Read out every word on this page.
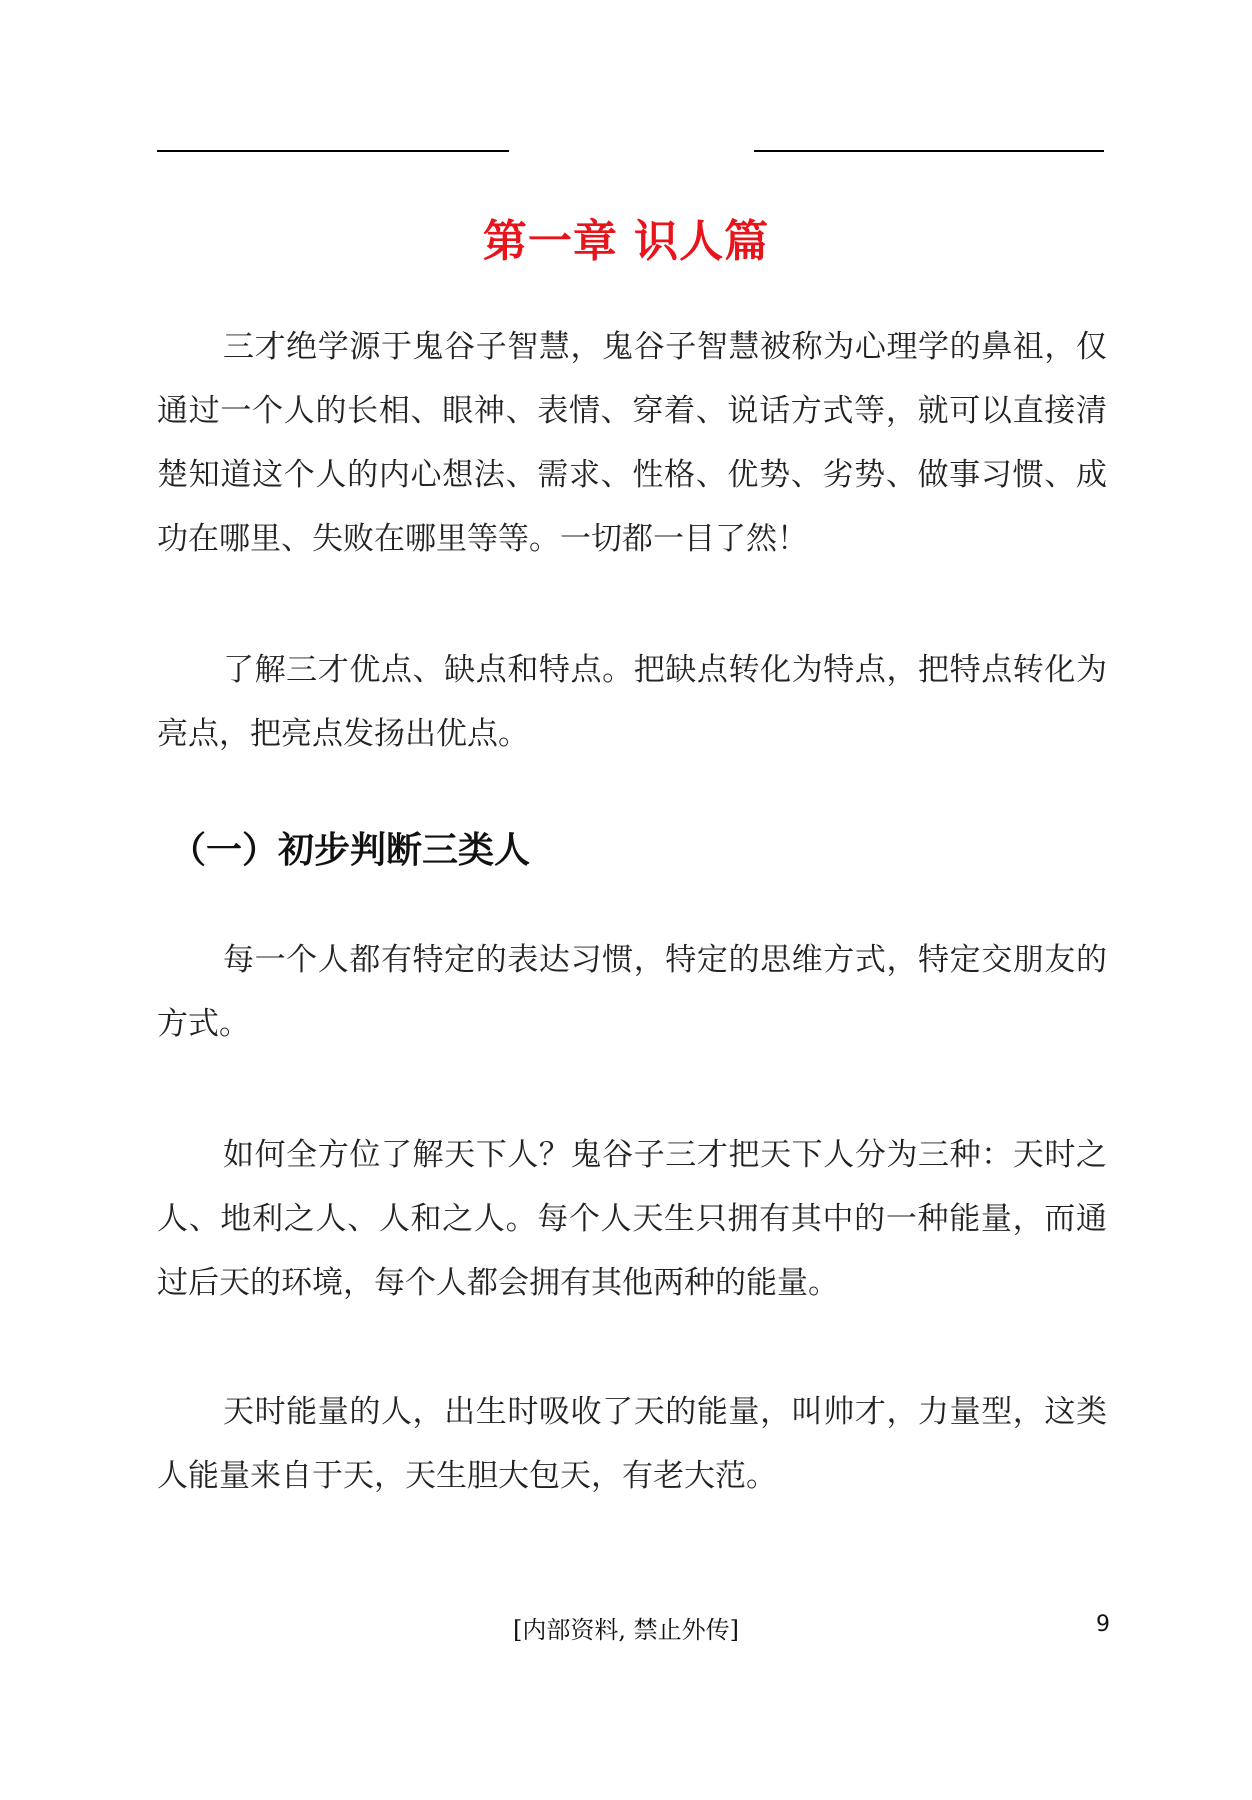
第一章 识人篇

三才绝学源于鬼谷子智慧，鬼谷子智慧被称为心理学的鼻祖，仅通过一个人的长相、眼神、表情、穿着、说话方式等，就可以直接清楚知道这个人的内心想法、需求、性格、优势、劣势、做事习惯、成功在哪里、失败在哪里等等。一切都一目了然！

了解三才优点、缺点和特点。把缺点转化为特点，把特点转化为亮点，把亮点发扬出优点。

（一）初步判断三类人

每一个人都有特定的表达习惯，特定的思维方式，特定交朋友的方式。

如何全方位了解天下人？鬼谷子三才把天下人分为三种：天时之人、地利之人、人和之人。每个人天生只拥有其中的一种能量，而通过后天的环境，每个人都会拥有其他两种的能量。

天时能量的人，出生时吸收了天的能量，叫帅才，力量型，这类人能量来自于天，天生胆大包天，有老大范。

[内部资料, 禁止外传]	9
